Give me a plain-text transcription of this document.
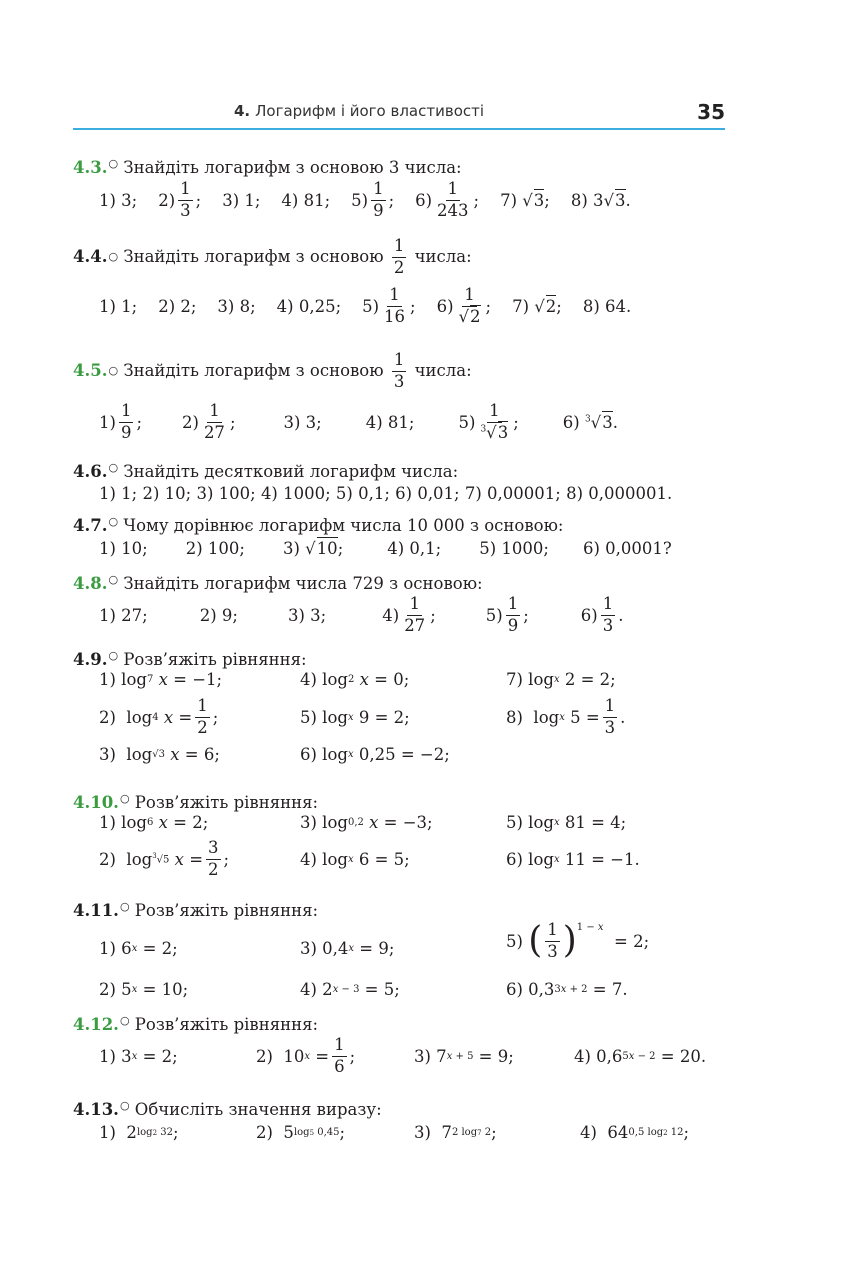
4. Логарифм і його властивості	35
4.3.○ Знайдіть логарифм з основою 3 числа:
1) 3;    $2) \frac{1}{3}$ ;    3) 1;    4) 81;    $5) \frac{1}{9}$ ;    $6) \frac{1}{243}$ ;    7) √3;    8) 3√3.
4.4. ○
Знайдіть логарифм з основою
$\frac{1}{2}$
числа:
1) 1;    2) 2;    3) 8;    4) 0,25;    $5) \frac{1}{16}$ ;    $6) \frac{1}{√2}$ ;    7) √2;    8) 64.
4.5. ○
Знайдіть логарифм з основою
$\frac{1}{3}$
числа:
$1) \frac{1}{9}$ ; $2) \frac{1}{27}$ ;	3) 3;	4) 81;	$5) \frac{1}{^3√3}$ ;	6) $^3$√3.
4.6.○ Знайдіть десятковий логарифм числа:
1) 1; 2) 10; 3) 100; 4) 1000; 5) 0,1; 6) 0,01; 7) 0,00001; 8) 0,000001.
4.7.○ Чому дорівнює логарифм числа 10 000 з основою:
1) 10; 2) 100; 3) √10;	4) 0,1; 5) 1000; 6) 0,0001?
4.8.○ Знайдіть логарифм числа 729 з основою:
1) 27;	2) 9;	3) 3;	$4) \frac{1}{27}$ ;	$5) \frac{1}{9}$ ;	$6) \frac{1}{3}$ .
4.9.○ Розв’яжіть рівняння:
1) log 7
x = −1;	4) log 2
x = 0;	7) log x 2 = 2;
2)  log 4
$x = \frac{1}{2}$ ;	5) log x 9 = 2;	8)  log x $5 = \frac{1}{3}$ .
3)  log √3
x = 6;	6) log x 0,25 = −2;
4.10.○ Розв’яжіть рівняння:
1) log 6
x = 2;	3) log 0,2
x = −3;	5) log x 81 = 4;
2)  log $^3$√5
$x = \frac{3}{2}$ ;	4) log x 6 = 5;	6) log x 11 = −1.
4.11.○ Розв’яжіть рівняння:
1) 6 x = 2;	3) 0,4 x = 9;	5) ( $\frac{1}{3}$ ) 1 − x
= 2;
2) 5 x = 10;	4) 2 x − 3 = 5;	6) 0,3 3x + 2 = 7.
4.12.○ Розв’яжіть рівняння:
1) 3 x = 2;	2)  10 $x = \frac{1}{6}$ ;	3) 7 x + 5 = 9;	4) 0,6 5x − 2 = 20.
4.13.○ Обчисліть значення виразу:
1)  2 log2 32 ;	2)  5 log5 0,45 ;	3)  7 2 log7 2 ;	4)  64 0,5 log2 12 ;
